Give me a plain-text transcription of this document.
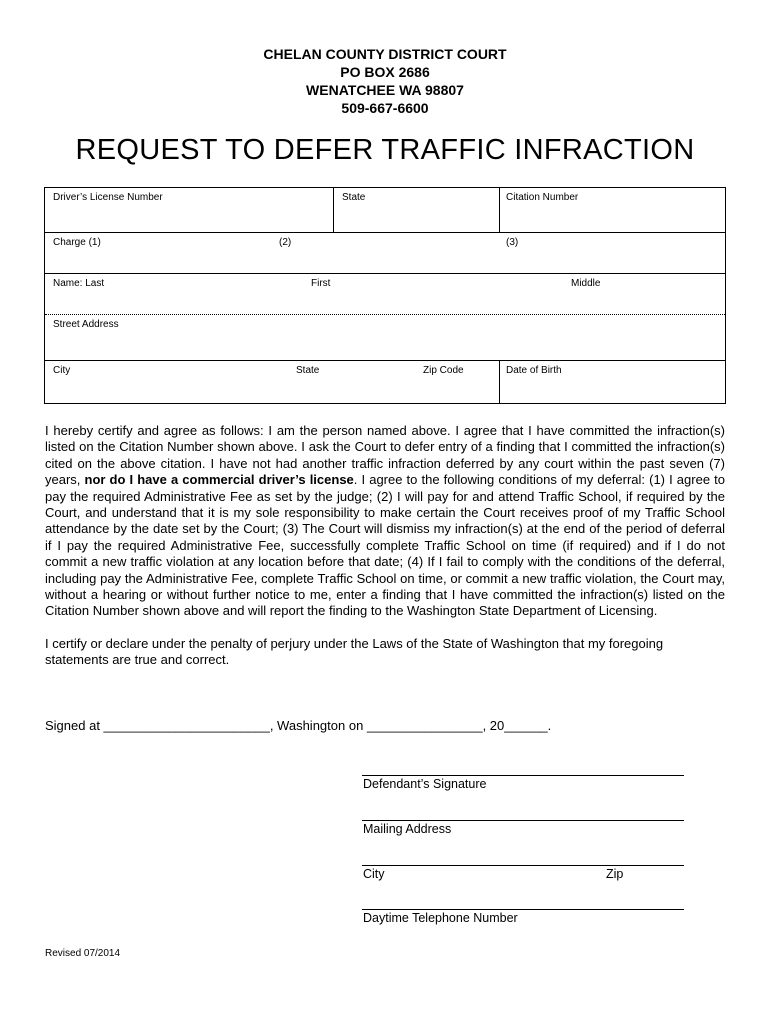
CHELAN COUNTY DISTRICT COURT
PO BOX 2686
WENATCHEE WA 98807
509-667-6600
REQUEST TO DEFER TRAFFIC INFRACTION
Driver’s License Number	State	Citation Number
Charge (1)	(2)	(3)
Name: Last	First	Middle
Street Address
City	State	Zip Code	Date of Birth

I hereby certify and agree as follows: I am the person named above. I agree that I have committed the infraction(s) listed on the Citation Number shown above. I ask the Court to defer entry of a finding that I committed the infraction(s) cited on the above citation. I have not had another traffic infraction deferred by any court within the past seven (7) years, nor do I have a commercial driver’s license. I agree to the following conditions of my deferral: (1) I agree to pay the required Administrative Fee as set by the judge; (2) I will pay for and attend Traffic School, if required by the Court, and understand that it is my sole responsibility to make certain the Court receives proof of my Traffic School attendance by the date set by the Court; (3) The Court will dismiss my infraction(s) at the end of the period of deferral if I pay the required Administrative Fee, successfully complete Traffic School on time (if required) and if I do not commit a new traffic violation at any location before that date; (4) If I fail to comply with the conditions of the deferral, including pay the Administrative Fee, complete Traffic School on time, or commit a new traffic violation, the Court may, without a hearing or without further notice to me, enter a finding that I have committed the infraction(s) listed on the Citation Number shown above and will report the finding to the Washington State Department of Licensing.

I certify or declare under the penalty of perjury under the Laws of the State of Washington that my foregoing statements are true and correct.

Signed at _______________________, Washington on ________________, 20______.
Defendant’s Signature
Mailing Address
City	Zip
Daytime Telephone Number
Revised 07/2014
